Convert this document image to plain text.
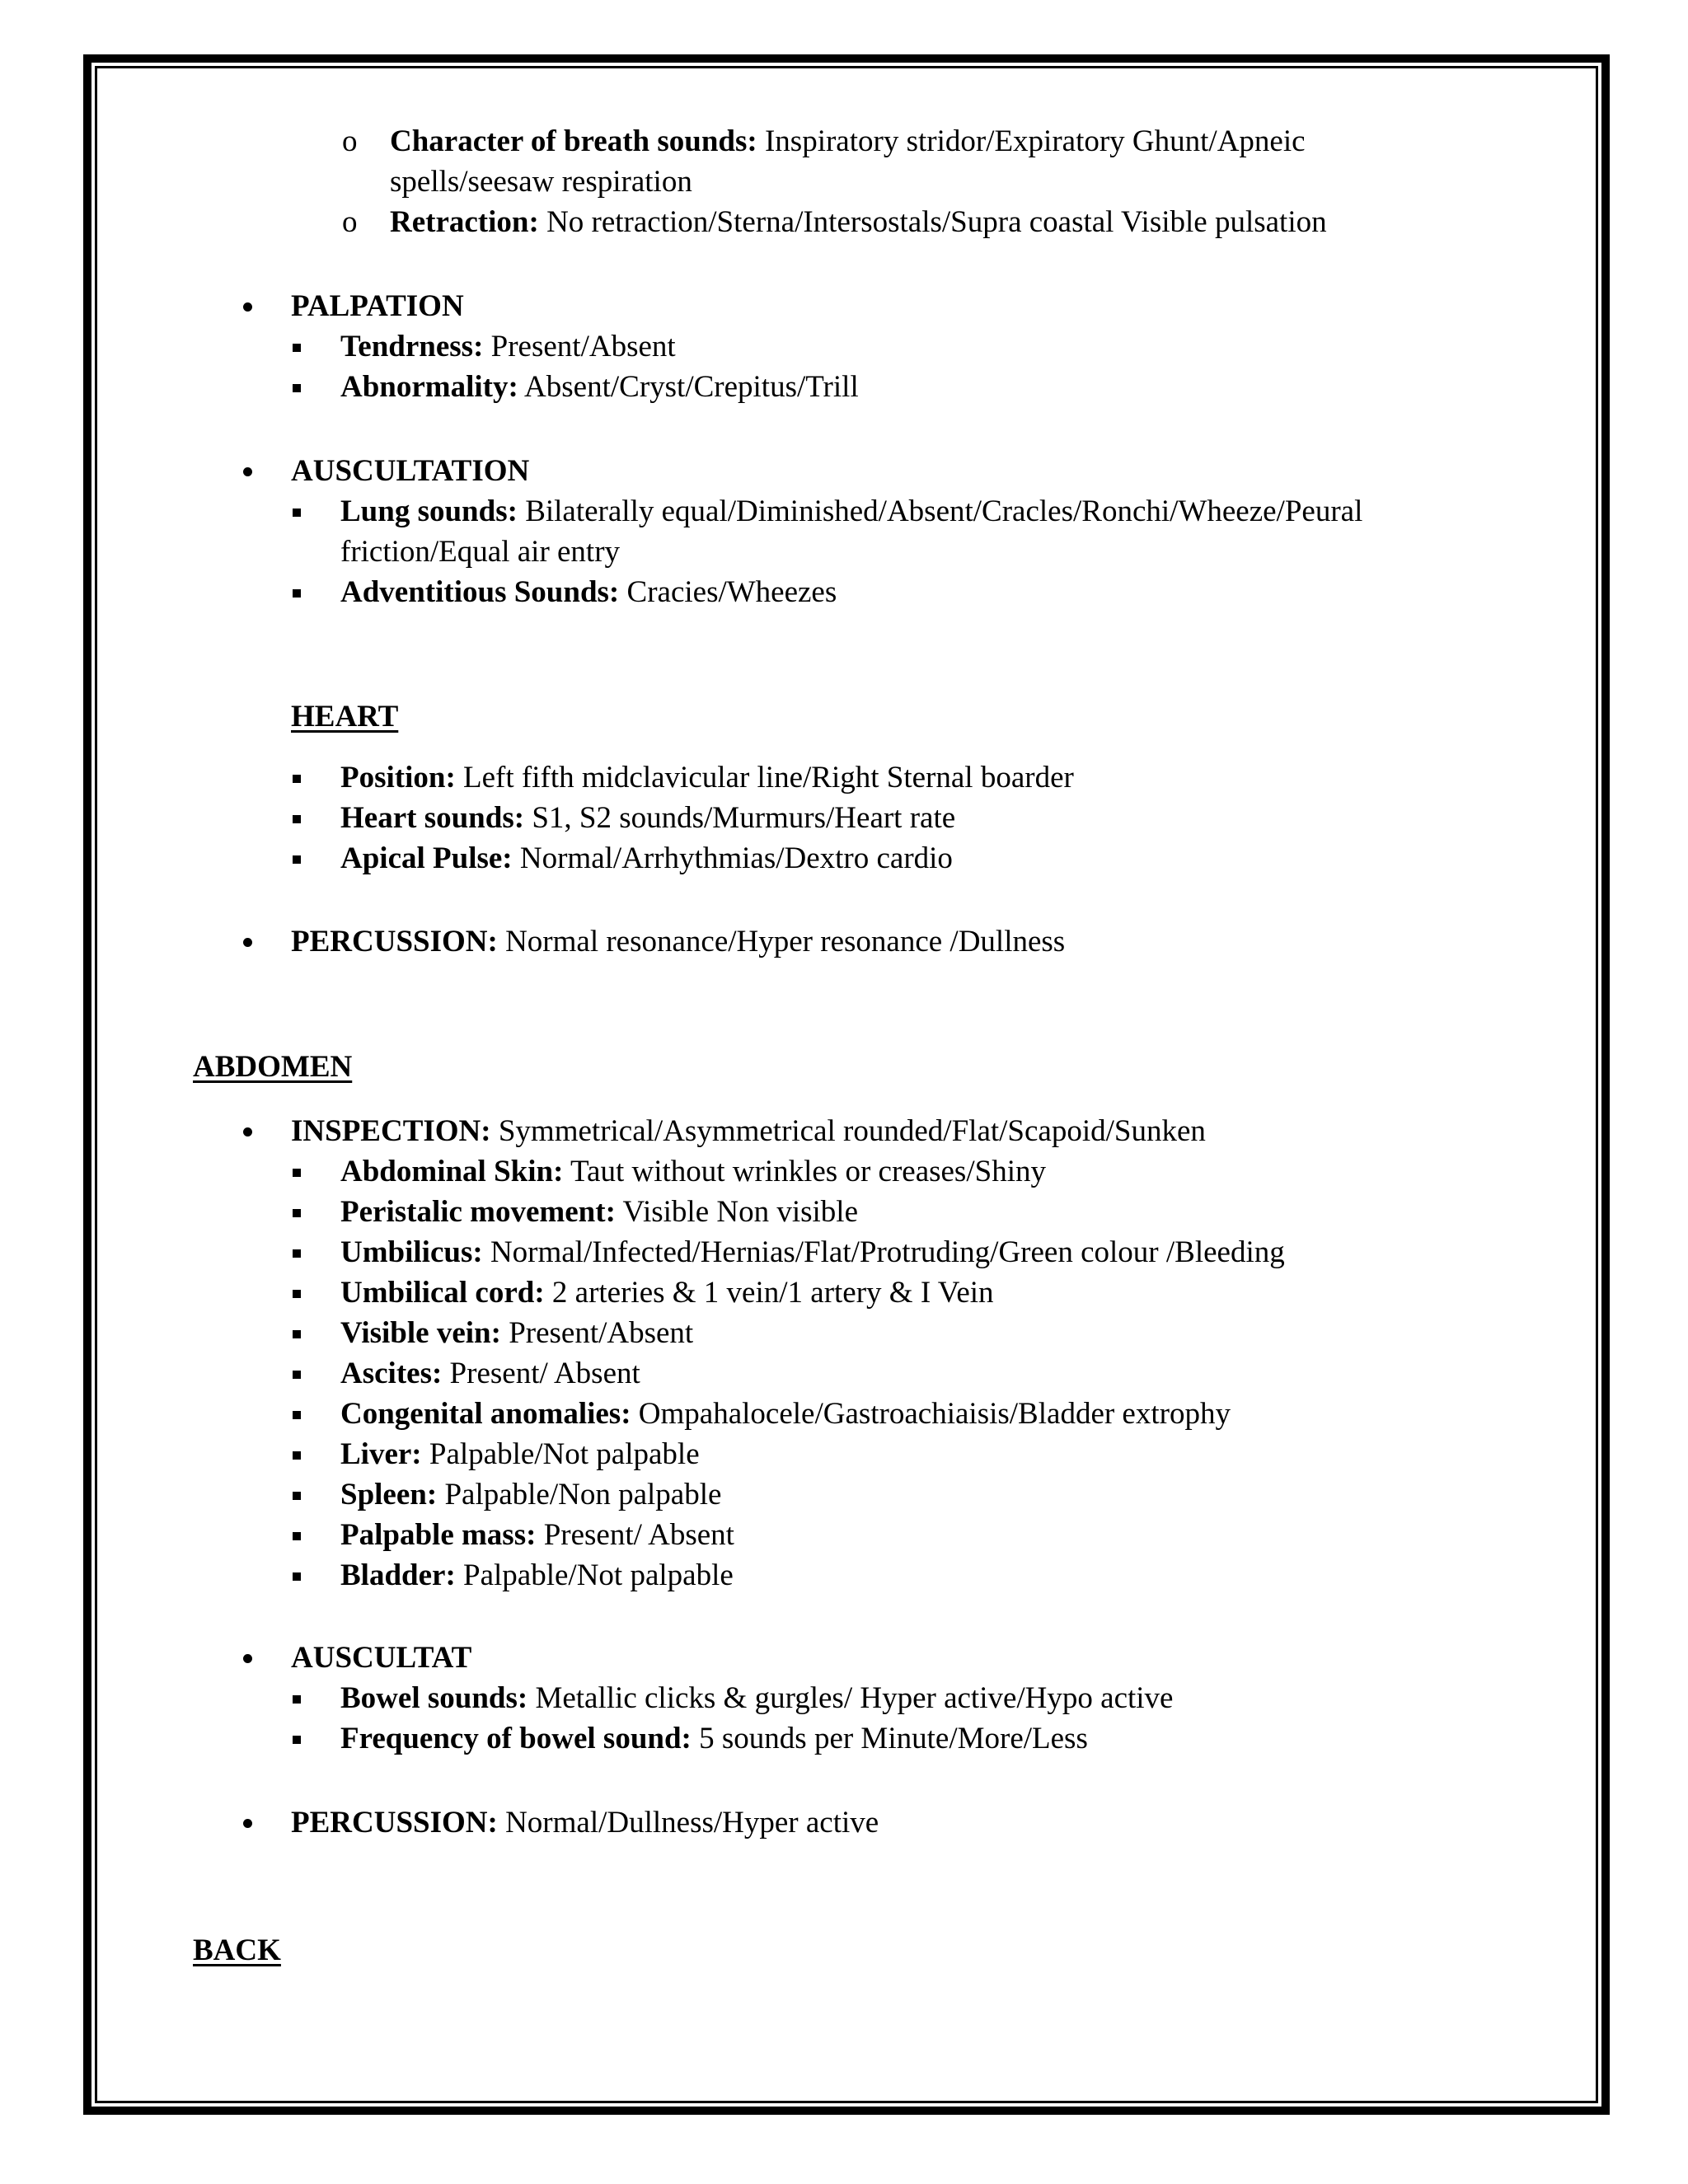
o Character of breath sounds: Inspiratory stridor/Expiratory Ghunt/Apneic
spells/seesaw respiration
o Retraction: No retraction/Sterna/Intersostals/Supra coastal Visible pulsation
PALPATION
Tendrness: Present/Absent
Abnormality: Absent/Cryst/Crepitus/Trill
AUSCULTATION
Lung sounds: Bilaterally equal/Diminished/Absent/Cracles/Ronchi/Wheeze/Peural
friction/Equal air entry
Adventitious Sounds: Cracies/Wheezes
HEART
Position: Left fifth midclavicular line/Right Sternal boarder
Heart sounds: S1, S2 sounds/Murmurs/Heart rate
Apical Pulse: Normal/Arrhythmias/Dextro cardio
PERCUSSION: Normal resonance/Hyper resonance /Dullness
ABDOMEN
INSPECTION: Symmetrical/Asymmetrical rounded/Flat/Scapoid/Sunken
Abdominal Skin: Taut without wrinkles or creases/Shiny
Peristalic movement: Visible Non visible
Umbilicus: Normal/Infected/Hernias/Flat/Protruding/Green colour /Bleeding
Umbilical cord: 2 arteries & 1 vein/1 artery & I Vein
Visible vein: Present/Absent
Ascites: Present/ Absent
Congenital anomalies: Ompahalocele/Gastroachiaisis/Bladder extrophy
Liver: Palpable/Not palpable
Spleen: Palpable/Non palpable
Palpable mass: Present/ Absent
Bladder: Palpable/Not palpable
AUSCULTAT
Bowel sounds: Metallic clicks & gurgles/ Hyper active/Hypo active
Frequency of bowel sound: 5 sounds per Minute/More/Less
PERCUSSION: Normal/Dullness/Hyper active
BACK
